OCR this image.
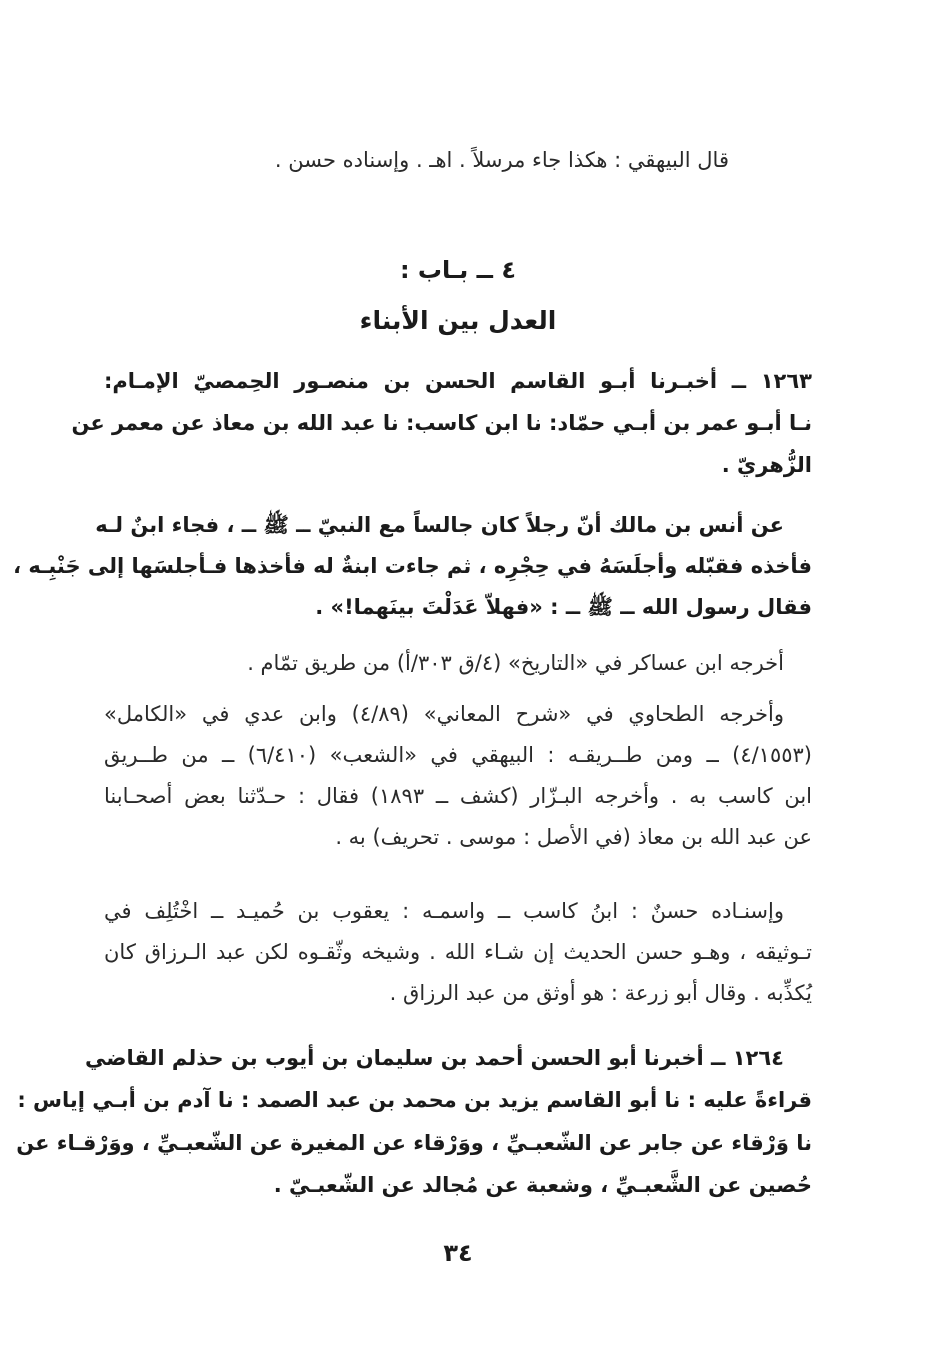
قال البيهقي : هكذا جاء مرسلاً . اهـ . وإسناده حسن .
٤ ــ بـاب :
العدل بين الأبناء
١٢٦٣ ــ أخبـرنا أبـو القاسم الحسن بن منصـور الحِمصيّ الإمـام:
نـا أبـو عمر بن أبـي حمّاد: نا ابن كاسب: نا عبد الله بن معاذ عن معمر عن
الزُّهريّ .
عن أنس بن مالك أنّ رجلاً كان جالساً مع النبيّ ــ ﷺ ــ ، فجاء ابنٌ لـه
فأخذه فقبّله وأجلَسَهُ في حِجْرِه ، ثم جاءت ابنةٌ له فأخذها فـأجلسَها إلى جَنْبِـه ،
فقال رسول الله ــ ﷺ ــ : «فهلاّ عَدَلْتَ بينَهما!» .
أخرجه ابن عساكر في «التاريخ» (٤/ق ٣٠٣/أ) من طريق تمّام .
وأخرجه الطحاوي في «شرح المعاني» (٤/٨٩) وابن عدي في «الكامل»
(٤/١٥٥٣) ــ ومن طــريقـه : البيهقي في «الشعب» (٦/٤١٠) ــ من طــريق
ابن كاسب به . وأخرجه البـزّار (كشف ــ ١٨٩٣) فقال : حـدّثنا بعض أصحـابنا
عن عبد الله بن معاذ (في الأصل : موسى . تحريف) به .
وإسنـاده حسنٌ : ابنُ كاسب ــ واسمـه : يعقوب بن حُميـد ــ اخْتُلِف في
تـوثيقه ، وهـو حسن الحديث إن شـاء الله . وشيخه وثّقـوه لكن عبد الـرزاق كان
يُكذِّبه . وقال أبو زرعة : هو أوثق من عبد الرزاق .
١٢٦٤ ــ أخبرنا أبو الحسن أحمد بن سليمان بن أيوب بن حذلم القاضي
قراءةً عليه : نا أبو القاسم يزيد بن محمد بن عبد الصمد : نا آدم بن أبـي إياس :
نا وَرْقاء عن جابر عن الشّعبـيِّ ، ووَرْقاء عن المغيرة عن الشّعبـيِّ ، ووَرْقـاء عن
حُصين عن الشَّعبـيِّ ، وشعبة عن مُجالد عن الشّعبـيّ .
٣٤
